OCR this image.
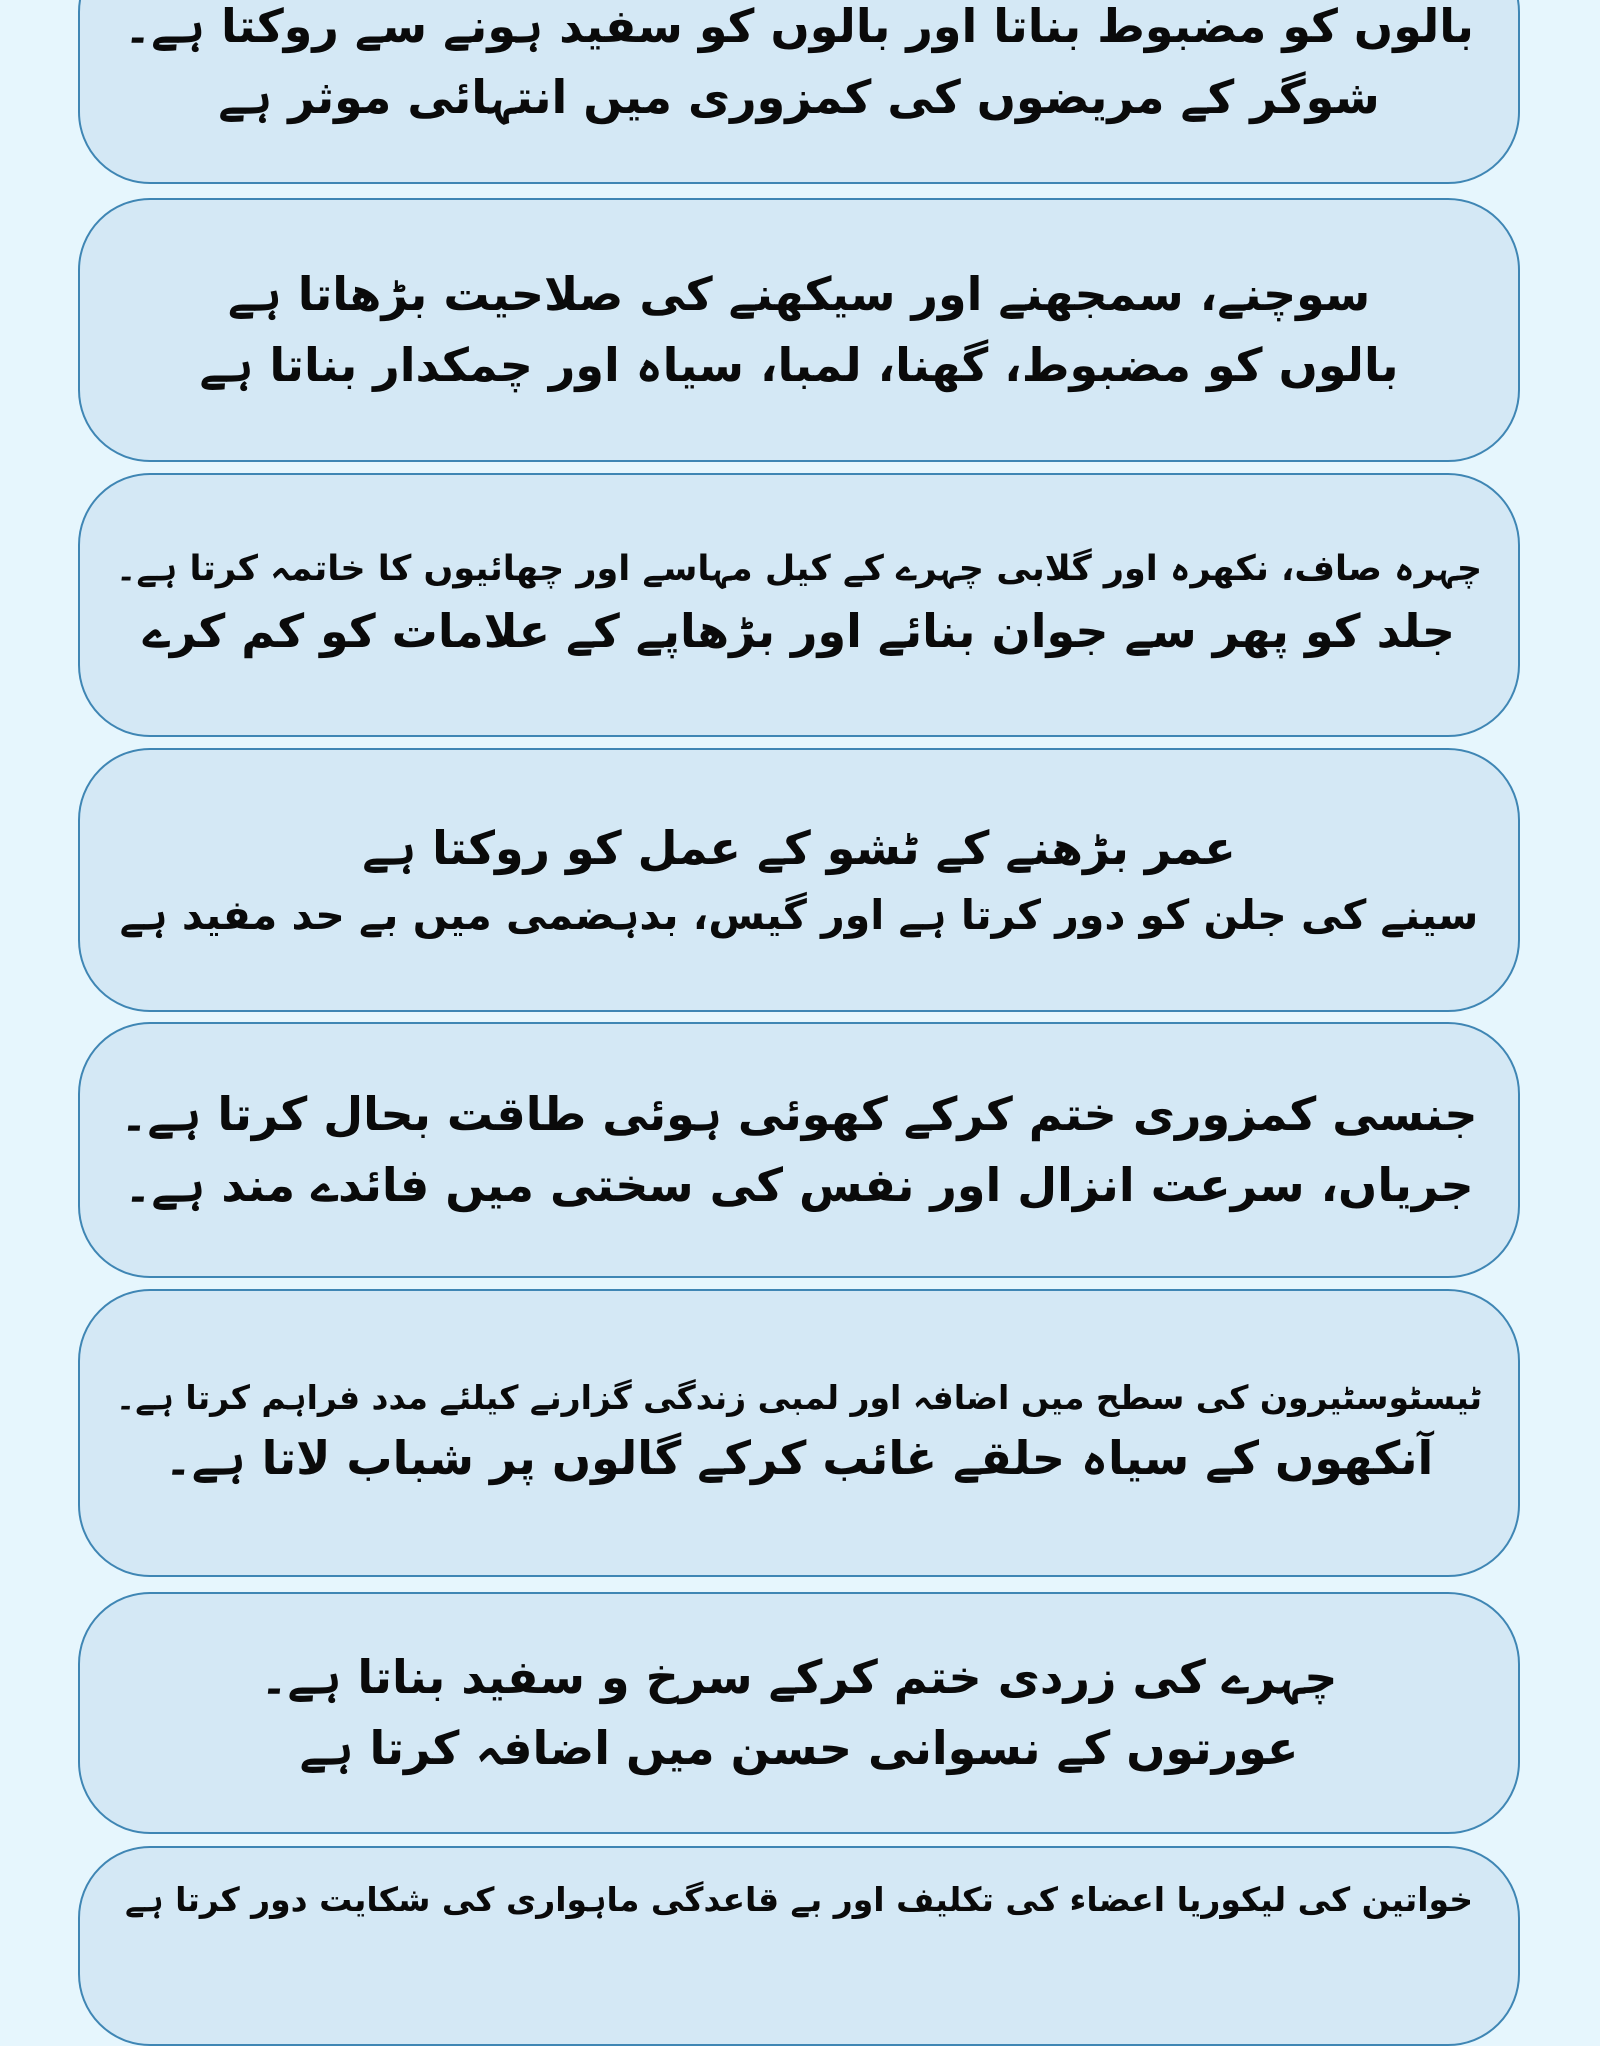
بالوں کو مضبوط بناتا اور بالوں کو سفید ہونے سے روکتا ہے۔
شوگر کے مریضوں کی کمزوری میں انتہائی موثر ہے
سوچنے، سمجھنے اور سیکھنے کی صلاحیت بڑھاتا ہے
بالوں کو مضبوط، گھنا، لمبا، سیاہ اور چمکدار بناتا ہے
چہرہ صاف، نکھرہ اور گلابی چہرے کے کیل مہاسے اور چھائیوں کا خاتمہ کرتا ہے۔
جلد کو پھر سے جوان بنائے اور بڑھاپے کے علامات کو کم کرے
عمر بڑھنے کے ٹشو کے عمل کو روکتا ہے
سینے کی جلن کو دور کرتا ہے اور گیس، بدہضمی میں بے حد مفید ہے
جنسی کمزوری ختم کرکے کھوئی ہوئی طاقت بحال کرتا ہے۔
جریاں، سرعت انزال اور نفس کی سختی میں فائدے مند ہے۔
ٹیسٹوسٹیرون کی سطح میں اضافہ اور لمبی زندگی گزارنے کیلئے مدد فراہم کرتا ہے۔
آنکھوں کے سیاہ حلقے غائب کرکے گالوں پر شباب لاتا ہے۔
چہرے کی زردی ختم کرکے سرخ و سفید بناتا ہے۔
عورتوں کے نسوانی حسن میں اضافہ کرتا ہے
خواتین کی لیکوریا اعضاء کی تکلیف اور بے قاعدگی ماہواری کی شکایت دور کرتا ہے
